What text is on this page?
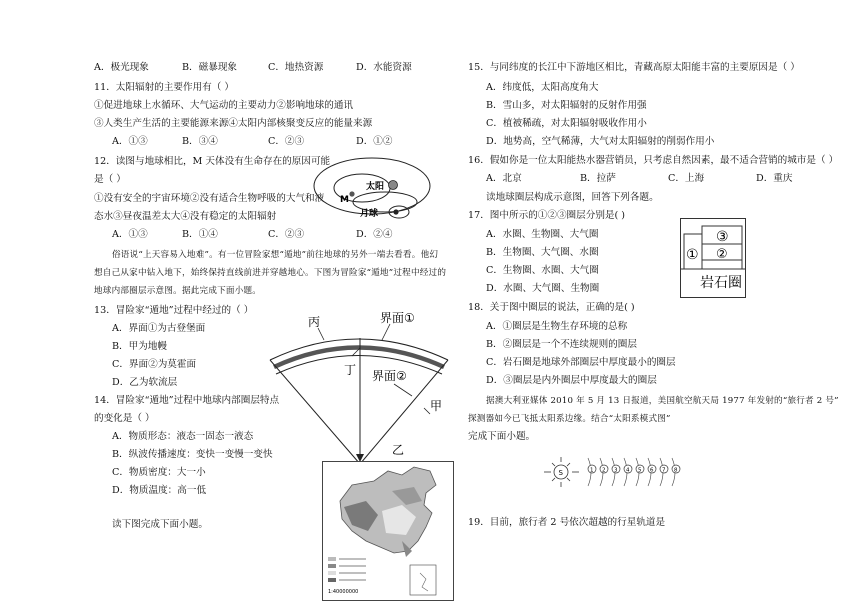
A．极光现象	B．磁暴现象	C．地热资源	D．水能资源
11．太阳辐射的主要作用有（ ）
①促进地球上水循环、大气运动的主要动力②影响地球的通讯
③人类生产生活的主要能源来源④太阳内部核聚变反应的能量来源
A．①③	B．③④	C．②③	D．①②
12．读图与地球相比，M 天体没有生命存在的原因可能
是（ ）
①没有安全的宇宙环境②没有适合生物呼吸的大气和液
态水③昼夜温差太大④没有稳定的太阳辐射
A．①③	B．①④	C．②③	D．②④
俗语说“上天容易入地难”。有一位冒险家想“遁地”前往地球的另外一端去看看。他幻
想自己从家中钻入地下，始终保持直线前进并穿越地心。下图为冒险家“遁地”过程中经过的
地球内部圈层示意图。据此完成下面小题。
13．冒险家“遁地”过程中经过的（ ）
A．界面①为古登堡面
B．甲为地幔
C．界面②为莫霍面
D．乙为软流层
14．冒险家“遁地”过程中地球内部圈层特点
的变化是（ ）
A．物质形态：液态一固态一液态
B．纵波传播速度：变快一变慢一变快
C．物质密度：大一小
D．物质温度：高一低
读下图完成下面小题。
太阳
月球
M
丙	界面①
丁 界面②
甲
乙
1:40000000
15．与同纬度的长江中下游地区相比，青藏高原太阳能丰富的主要原因是（ ）
A．纬度低，太阳高度角大
B．雪山多，对太阳辐射的反射作用强
C．植被稀疏，对太阳辐射吸收作用小
D．地势高，空气稀薄，大气对太阳辐射的削弱作用小
16．假如你是一位太阳能热水器营销员，只考虑自然因素，最不适合营销的城市是（ ）
A．北京	B．拉萨	C．上海	D．重庆
读地球圈层构成示意图，回答下列各题。
17．图中所示的①②③圈层分别是( )
A．水圈、生物圈、大气圈
B．生物圈、大气圈、水圈
C．生物圈、水圈、大气圈
D．水圈、大气圈、生物圈
18．关于图中圈层的说法，正确的是( )
A．①圈层是生物生存环境的总称
B．②圈层是一个不连续规则的圈层
C．岩石圈是地球外部圈层中厚度最小的圈层
D．③圈层是内外圈层中厚度最大的圈层
据澳大利亚媒体 2010 年 5 月 13 日报道，美国航空航天局 1977 年发射的“旅行者 2 号”
探测器如今已飞抵太阳系边缘。结合“太阳系模式图”
完成下面小题。
19．目前，旅行者 2 号依次超越的行星轨道是
①
③
②
岩石圈
S	1 2 3 4 5 6 7 8
